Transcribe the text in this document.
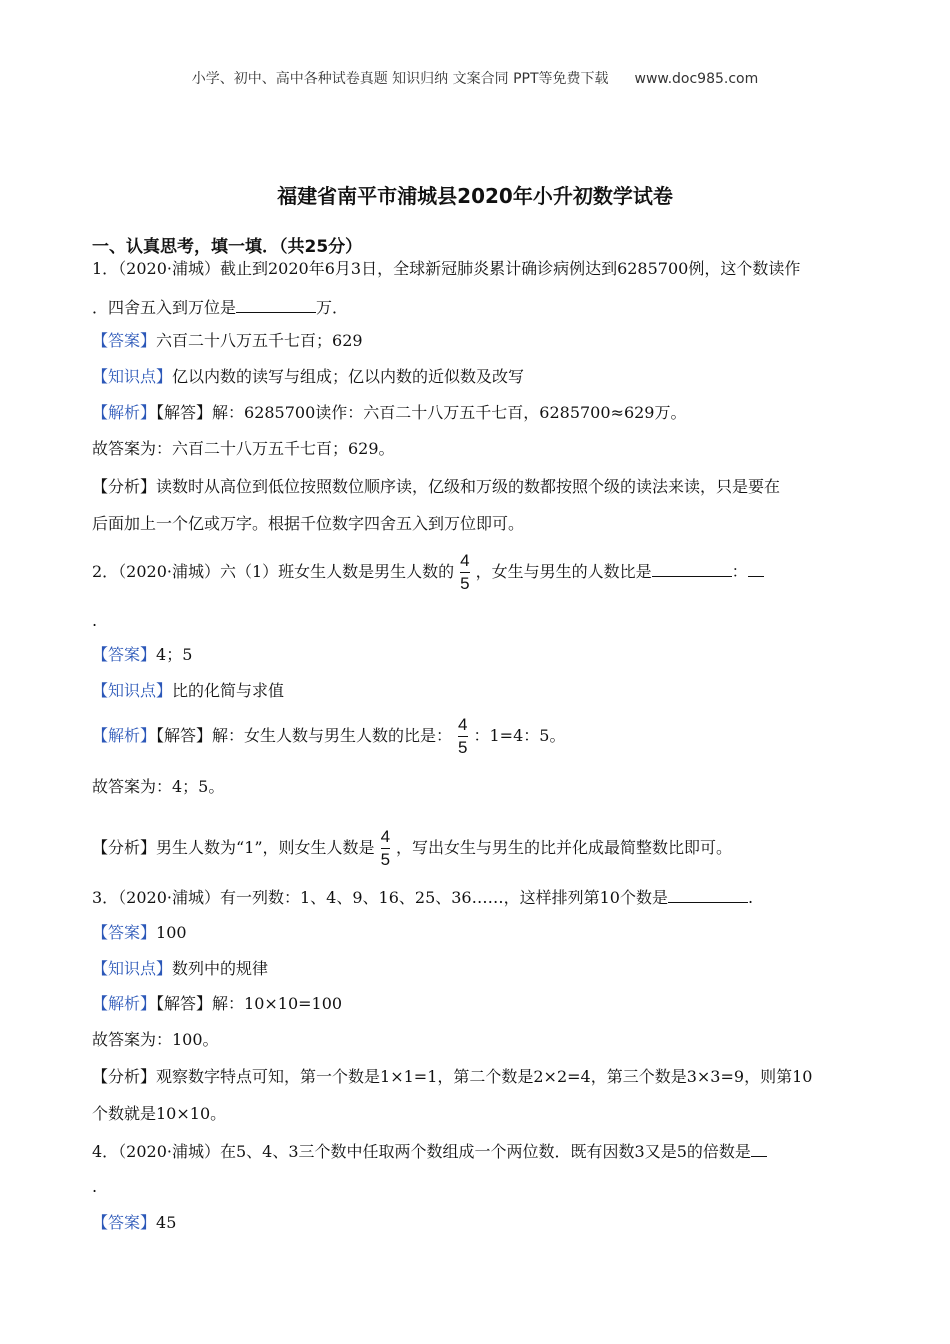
小学、初中、高中各种试卷真题 知识归纳 文案合同 PPT等免费下载 www.doc985.com
福建省南平市浦城县2020年小升初数学试卷
一、认真思考，填一填．（共25分）
1．（2020·浦城）截止到2020年6月3日，全球新冠肺炎累计确诊病例达到6285700例，这个数读作
．四舍五入到万位是	万．
【答案】六百二十八万五千七百；629
【知识点】亿以内数的读写与组成；亿以内数的近似数及改写
【解析】【解答】解：6285700读作：六百二十八万五千七百，6285700≈629万。
故答案为：六百二十八万五千七百；629。
【分析】读数时从高位到低位按照数位顺序读，亿级和万级的数都按照个级的读法来读，只是要在
后面加上一个亿或万字。根据千位数字四舍五入到万位即可。
2．（2020·浦城）六（1）班女生人数是男生人数的 $\frac{4}{5}$ ，女生与男生的人数比是	：
.
【答案】4；5
【知识点】比的化简与求值
【解析】【解答】解：女生人数与男生人数的比是： $\frac{4}{5}$ ：1=4：5。
故答案为：4；5。
【分析】男生人数为“1”，则女生人数是 $\frac{4}{5}$ ，写出女生与男生的比并化成最简整数比即可。
3．（2020·浦城）有一列数：1、4、9、16、25、36……，这样排列第10个数是	.
【答案】100
【知识点】数列中的规律
【解析】【解答】解：10×10=100
故答案为：100。
【分析】观察数字特点可知，第一个数是1×1=1，第二个数是2×2=4，第三个数是3×3=9，则第10
个数就是10×10。
4．（2020·浦城）在5、4、3三个数中任取两个数组成一个两位数．既有因数3又是5的倍数是
.
【答案】45
